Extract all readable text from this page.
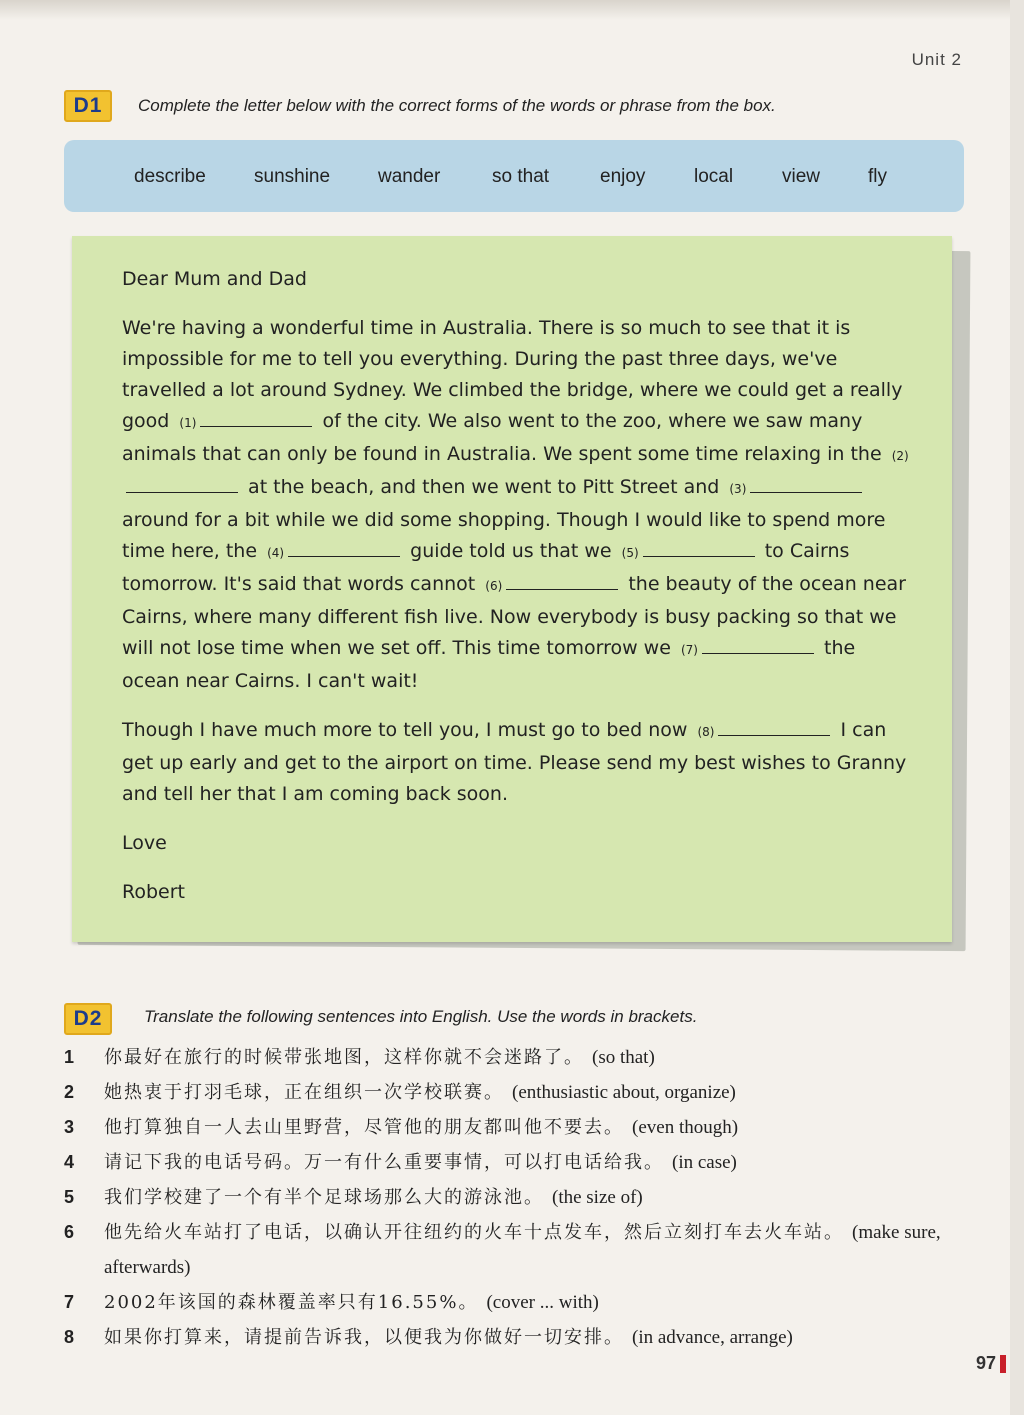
Unit 2
D1	Complete the letter below with the correct forms of the words or phrase from the box.
describe	sunshine	wander	so that	enjoy	local	view	fly

Dear Mum and Dad

We're having a wonderful time in Australia. There is so much to see that it is impossible for me to tell you everything. During the past three days, we've travelled a lot around Sydney. We climbed the bridge, where we could get a really good (1)	of the city. We also went to the zoo, where we saw many animals that can only be found in Australia. We spent some time relaxing in the (2) at the beach, and then we went to Pitt Street and (3) around for a bit while we did some shopping. Though I would like to spend more time here, the (4)	guide told us that we (5)	to Cairns tomorrow. It's said that words cannot (6)	the beauty of the ocean near Cairns, where many different fish live. Now everybody is busy packing so that we will not lose time when we set off. This time tomorrow we (7)	the ocean near Cairns. I can't wait!

Though I have much more to tell you, I must go to bed now (8)	I can get up early and get to the airport on time. Please send my best wishes to Granny and tell her that I am coming back soon.

Love

Robert

D2	Translate the following sentences into English. Use the words in brackets.
1 你最好在旅行的时候带张地图，这样你就不会迷路了。 (so that)
2 她热衷于打羽毛球，正在组织一次学校联赛。 (enthusiastic about, organize)
3 他打算独自一人去山里野营，尽管他的朋友都叫他不要去。 (even though)
4 请记下我的电话号码。万一有什么重要事情，可以打电话给我。 (in case)
5 我们学校建了一个有半个足球场那么大的游泳池。 (the size of)
6 他先给火车站打了电话，以确认开往纽约的火车十点发车，然后立刻打车去火车站。 (make sure, afterwards)
7 2002年该国的森林覆盖率只有16.55%。 (cover ... with)
8 如果你打算来，请提前告诉我，以便我为你做好一切安排。 (in advance, arrange)
97
